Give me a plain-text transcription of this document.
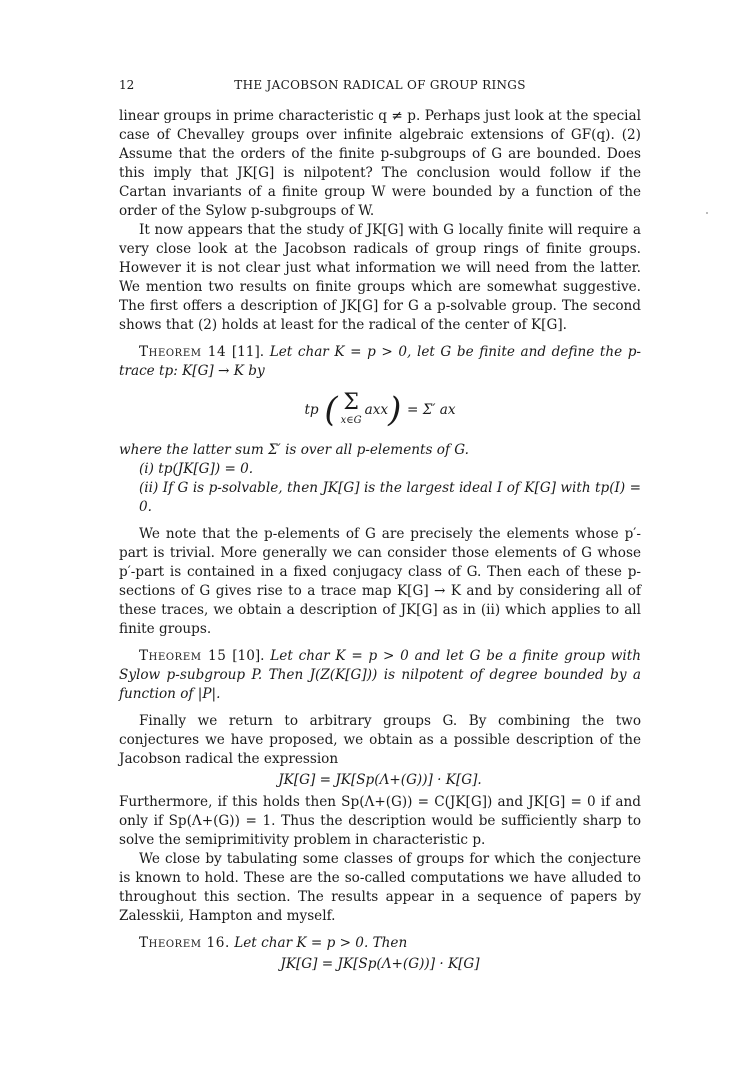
12	THE JACOBSON RADICAL OF GROUP RINGS

linear groups in prime characteristic q ≠ p. Perhaps just look at the special case of Chevalley groups over infinite algebraic extensions of GF(q). (2) Assume that the orders of the finite p-subgroups of G are bounded. Does this imply that JK[G] is nilpotent? The conclusion would follow if the Cartan invariants of a finite group W were bounded by a function of the order of the Sylow p-subgroups of W.

It now appears that the study of JK[G] with G locally finite will require a very close look at the Jacobson radicals of group rings of finite groups. However it is not clear just what information we will need from the latter. We mention two results on finite groups which are somewhat suggestive. The first offers a description of JK[G] for G a p-solvable group. The second shows that (2) holds at least for the radical of the center of K[G].

Theorem 14 [11]. Let char K = p > 0, let G be finite and define the p-trace tp: K[G] → K by

tp  ( Σ
x∈G
axx )  = Σ′ ax

where the latter sum Σ′ is over all p-elements of G.

(i) tp(JK[G]) = 0.

(ii) If G is p-solvable, then JK[G] is the largest ideal I of K[G] with tp(I) = 0.

We note that the p-elements of G are precisely the elements whose p′-part is trivial. More generally we can consider those elements of G whose p′-part is contained in a fixed conjugacy class of G. Then each of these p-sections of G gives rise to a trace map K[G] → K and by considering all of these traces, we obtain a description of JK[G] as in (ii) which applies to all finite groups.

Theorem 15 [10]. Let char K = p > 0 and let G be a finite group with Sylow p-subgroup P. Then J(Z(K[G])) is nilpotent of degree bounded by a function of |P|.

Finally we return to arbitrary groups G. By combining the two conjectures we have proposed, we obtain as a possible description of the Jacobson radical the expression

JK[G] = JK[Sp(Λ+(G))] · K[G].

Furthermore, if this holds then Sp(Λ+(G)) = C(JK[G]) and JK[G] = 0 if and only if Sp(Λ+(G)) = 1. Thus the description would be sufficiently sharp to solve the semiprimitivity problem in characteristic p.

We close by tabulating some classes of groups for which the conjecture is known to hold. These are the so-called computations we have alluded to throughout this section. The results appear in a sequence of papers by Zalesskii, Hampton and myself.

Theorem 16. Let char K = p > 0. Then

JK[G] = JK[Sp(Λ+(G))] · K[G]
